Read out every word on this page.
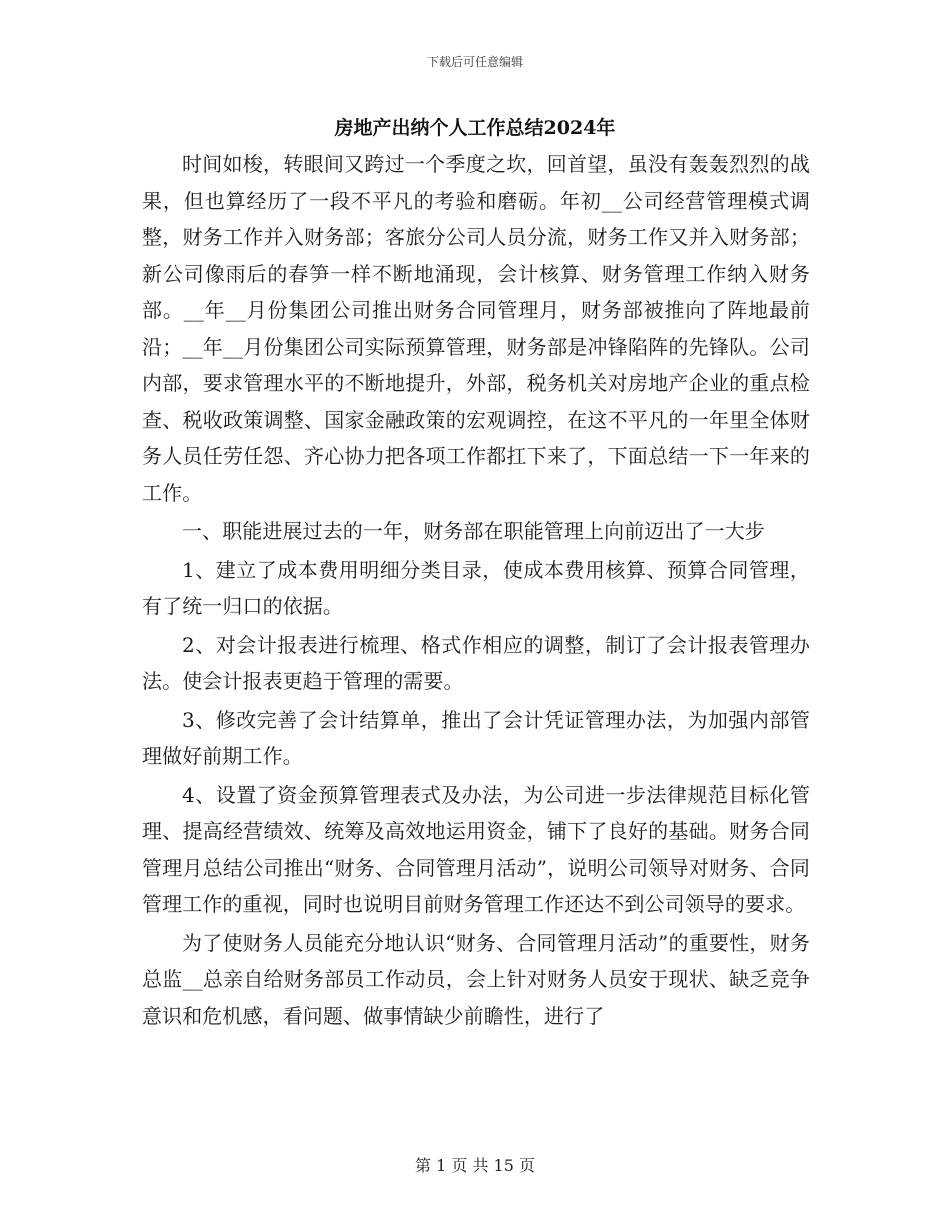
下载后可任意编辑
房地产出纳个人工作总结2024年

时间如梭，转眼间又跨过一个季度之坎，回首望，虽没有轰轰烈烈的战果，但也算经历了一段不平凡的考验和磨砺。年初__公司经营管理模式调整，财务工作并入财务部；客旅分公司人员分流，财务工作又并入财务部；新公司像雨后的春笋一样不断地涌现，会计核算、财务管理工作纳入财务部。__年__月份集团公司推出财务合同管理月，财务部被推向了阵地最前沿；__年__月份集团公司实际预算管理，财务部是冲锋陷阵的先锋队。公司内部，要求管理水平的不断地提升，外部，税务机关对房地产企业的重点检查、税收政策调整、国家金融政策的宏观调控，在这不平凡的一年里全体财务人员任劳任怨、齐心协力把各项工作都扛下来了，下面总结一下一年来的工作。

一、职能进展过去的一年，财务部在职能管理上向前迈出了一大步

1、建立了成本费用明细分类目录，使成本费用核算、预算合同管理，有了统一归口的依据。

2、对会计报表进行梳理、格式作相应的调整，制订了会计报表管理办法。使会计报表更趋于管理的需要。

3、修改完善了会计结算单，推出了会计凭证管理办法，为加强内部管理做好前期工作。

4、设置了资金预算管理表式及办法，为公司进一步法律规范目标化管理、提高经营绩效、统筹及高效地运用资金，铺下了良好的基础。财务合同管理月总结公司推出“财务、合同管理月活动”，说明公司领导对财务、合同管理工作的重视，同时也说明目前财务管理工作还达不到公司领导的要求。

为了使财务人员能充分地认识“财务、合同管理月活动”的重要性，财务总监__总亲自给财务部员工作动员，会上针对财务人员安于现状、缺乏竞争意识和危机感，看问题、做事情缺少前瞻性，进行了

第 1 页 共 15 页
